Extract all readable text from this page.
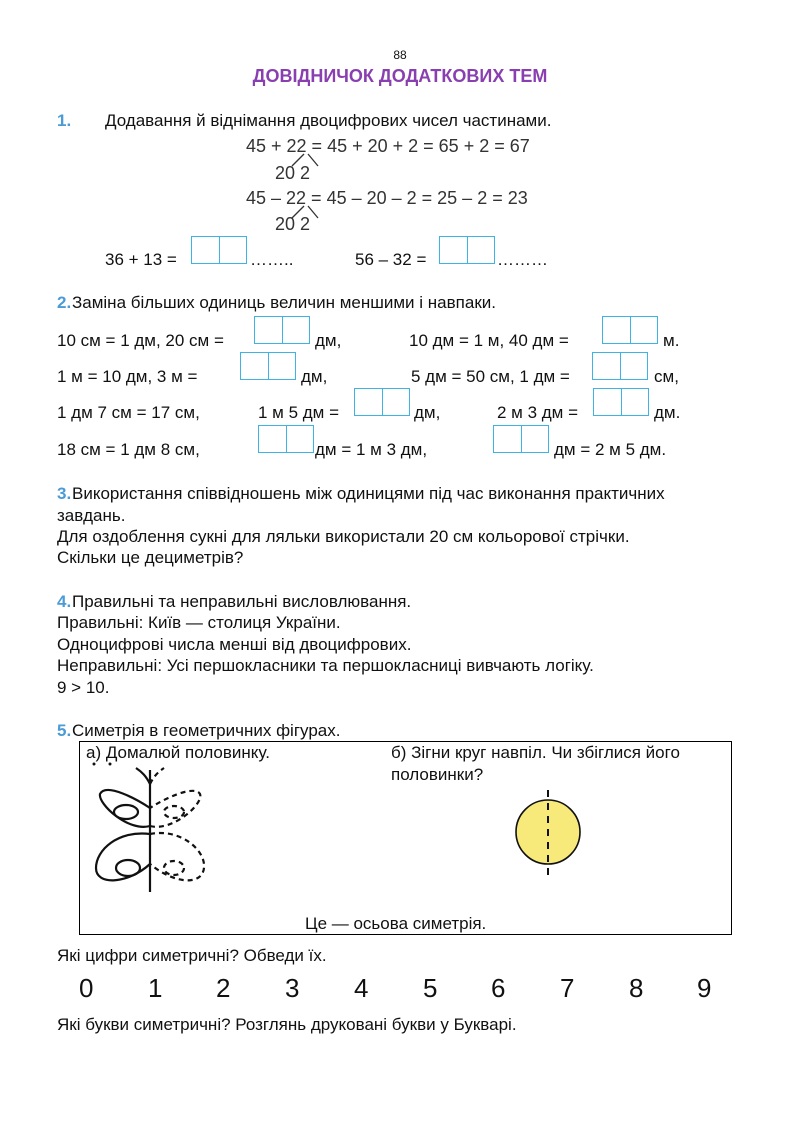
88
ДОВІДНИЧОК ДОДАТКОВИХ ТЕМ
1. Додавання й віднімання двоцифрових чисел частинами.
45 + 22 = 45 + 20 + 2 = 65 + 2 = 67
20 2
45 – 22 = 45 – 20 – 2 = 25 – 2 = 23
20 2
36 + 13 =	……..	56 – 32 =	………
2. Заміна більших одиниць величин меншими і навпаки.
10 см = 1 дм, 20 см =	дм,	10 дм = 1 м, 40 дм =	м.
1 м = 10 дм, 3 м =	дм,	5 дм = 50 см, 1 дм =	см,
1 дм 7 см = 17 см,	1 м 5 дм =	дм,	2 м 3 дм =	дм.
18 см = 1 дм 8 см,	дм = 1 м 3 дм,	дм = 2 м 5 дм.
3. Використання співвідношень між одиницями під час виконання практичних
завдань.
Для оздоблення сукні для ляльки використали 20 см кольорової стрічки.
Скільки це дециметрів?
4. Правильні та неправильні висловлювання.
Правильні: Київ — столиця України.
Одноцифрові числа менші від двоцифрових.
Неправильні: Усі першокласники та першокласниці вивчають логіку.
9 > 10.
5. Симетрія в геометричних фігурах.
а) Домалюй половинку.	б) Зігни круг навпіл. Чи збіглися його
половинки?
Це — осьова симетрія.
Які цифри симетричні? Обведи їх.
0 1 2 3 4 5 6 7 8 9
Які букви симетричні? Розглянь друковані букви у Букварі.
